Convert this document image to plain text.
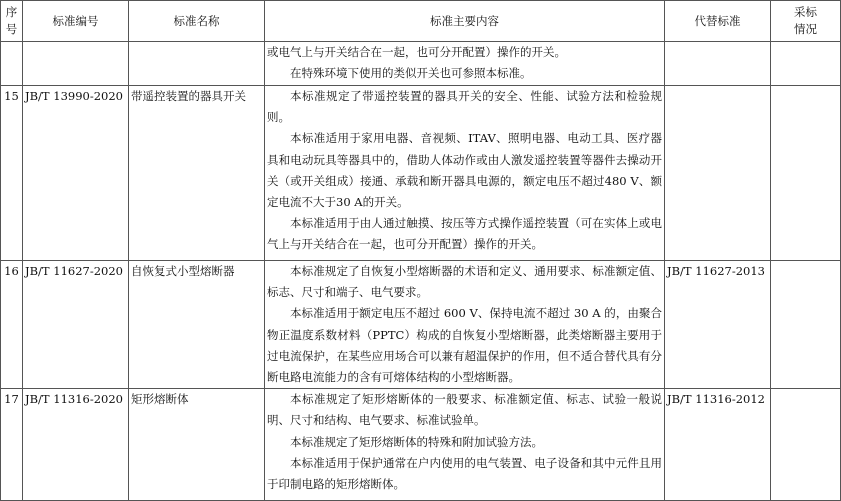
序号	标准编号	标准名称	标准主要内容	代替标准	采标情况

			或电气上与开关结合在一起，也可分开配置）操作的开关。

在特殊环境下使用的类似开关也可参照本标准。		

15	JB/T 13990-2020	带遥控装置的器具开关	本标准规定了带遥控装置的器具开关的安全、性能、试验方法和检验规则。

本标准适用于家用电器、音视频、ITAV、照明电器、电动工具、医疗器具和电动玩具等器具中的，借助人体动作或由人激发遥控装置等器件去操动开关（或开关组成）接通、承载和断开器具电源的，额定电压不超过480 V、额定电流不大于30 A的开关。

本标准适用于由人通过触摸、按压等方式操作遥控装置（可在实体上或电气上与开关结合在一起，也可分开配置）操作的开关。		

16	JB/T 11627-2020	自恢复式小型熔断器	本标准规定了自恢复小型熔断器的术语和定义、通用要求、标准额定值、标志、尺寸和端子、电气要求。

本标准适用于额定电压不超过 600 V、保持电流不超过 30 A 的，由聚合物正温度系数材料（PPTC）构成的自恢复小型熔断器，此类熔断器主要用于过电流保护，在某些应用场合可以兼有超温保护的作用，但不适合替代具有分断电路电流能力的含有可熔体结构的小型熔断器。	JB/T 11627-2013	

17	JB/T 11316-2020	矩形熔断体	本标准规定了矩形熔断体的一般要求、标准额定值、标志、试验一般说明、尺寸和结构、电气要求、标准试验单。

本标准规定了矩形熔断体的特殊和附加试验方法。

本标准适用于保护通常在户内使用的电气装置、电子设备和其中元件且用于印制电路的矩形熔断体。	JB/T 11316-2012	
